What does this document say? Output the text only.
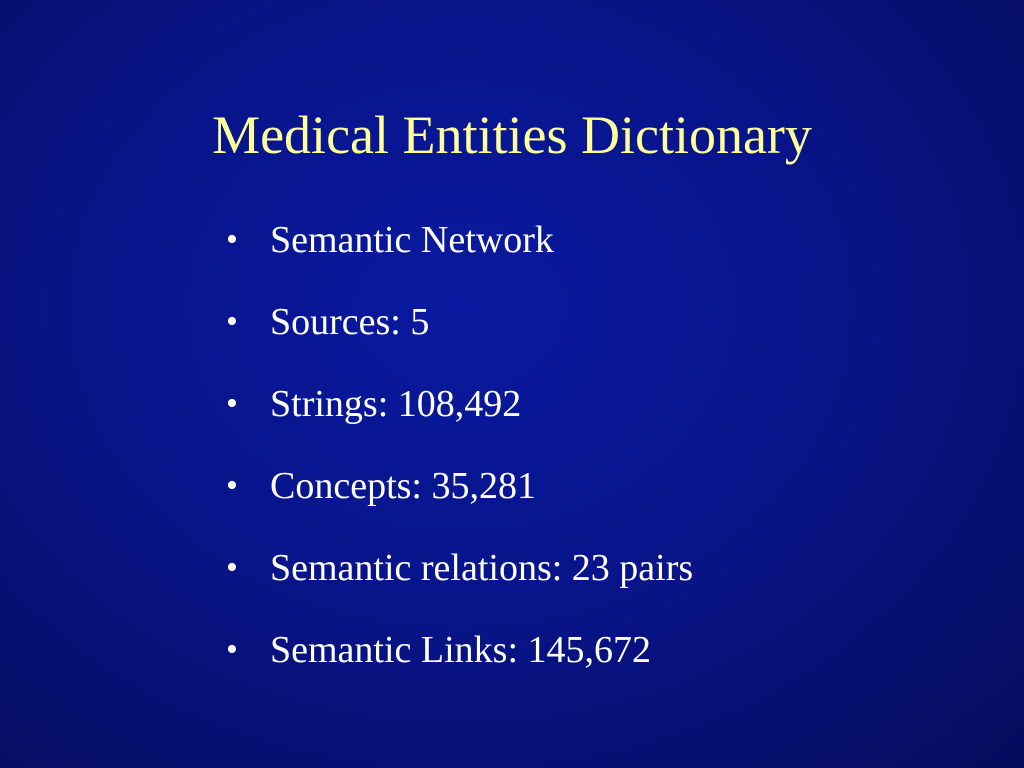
Medical Entities Dictionary
• Semantic Network
• Sources: 5
• Strings: 108,492
• Concepts: 35,281
• Semantic relations: 23 pairs
• Semantic Links: 145,672
